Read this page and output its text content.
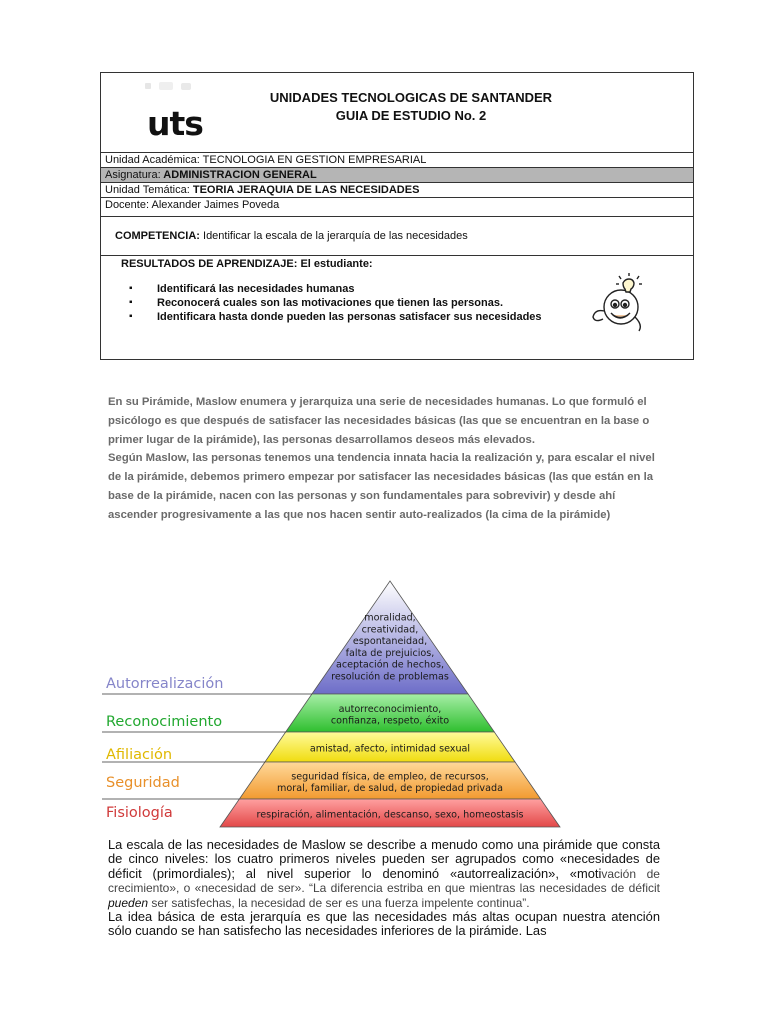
uts
UNIDADES TECNOLOGICAS DE SANTANDER
GUIA DE ESTUDIO No. 2
Unidad Académica: TECNOLOGIA EN GESTION EMPRESARIAL
Asignatura: ADMINISTRACION GENERAL
Unidad Temática: TEORIA JERAQUIA DE LAS NECESIDADES
Docente: Alexander Jaimes Poveda
COMPETENCIA: Identificar la escala de la jerarquía de las necesidades
RESULTADOS DE APRENDIZAJE: El estudiante:
▪ Identificará las necesidades humanas
▪ Reconocerá cuales son las motivaciones que tienen las personas.
▪ Identificara hasta donde pueden las personas satisfacer sus necesidades

En su Pirámide, Maslow enumera y jerarquiza una serie de necesidades humanas. Lo que formuló el psicólogo es que después de satisfacer las necesidades básicas (las que se encuentran en la base o primer lugar de la pirámide), las personas desarrollamos deseos más elevados.

Según Maslow, las personas tenemos una tendencia innata hacia la realización y, para escalar el nivel de la pirámide, debemos primero empezar por satisfacer las necesidades básicas (las que están en la base de la pirámide, nacen con las personas y son fundamentales para sobrevivir) y desde ahí ascender progresivamente a las que nos hacen sentir auto-realizados (la cima de la pirámide)

Autorrealización
moralidad,
creatividad,
espontaneidad,
falta de prejuicios,
aceptación de hechos,
resolución de problemas
Reconocimiento
autorreconocimiento,
confianza, respeto, éxito
Afiliación	amistad, afecto, intimidad sexual
Seguridad	seguridad física, de empleo, de recursos,
moral, familiar, de salud, de propiedad privada
Fisiología	respiración, alimentación, descanso, sexo, homeostasis

La escala de las necesidades de Maslow se describe a menudo como una pirámide que consta de cinco niveles: los cuatro primeros niveles pueden ser agrupados como «necesidades de déficit (primordiales); al nivel superior lo denominó «autorrealización», «motivación de crecimiento», o «necesidad de ser». “La diferencia estriba en que mientras las necesidades de déficit pueden ser satisfechas, la necesidad de ser es una fuerza impelente continua”.

La idea básica de esta jerarquía es que las necesidades más altas ocupan nuestra atención sólo cuando se han satisfecho las necesidades inferiores de la pirámide. Las
